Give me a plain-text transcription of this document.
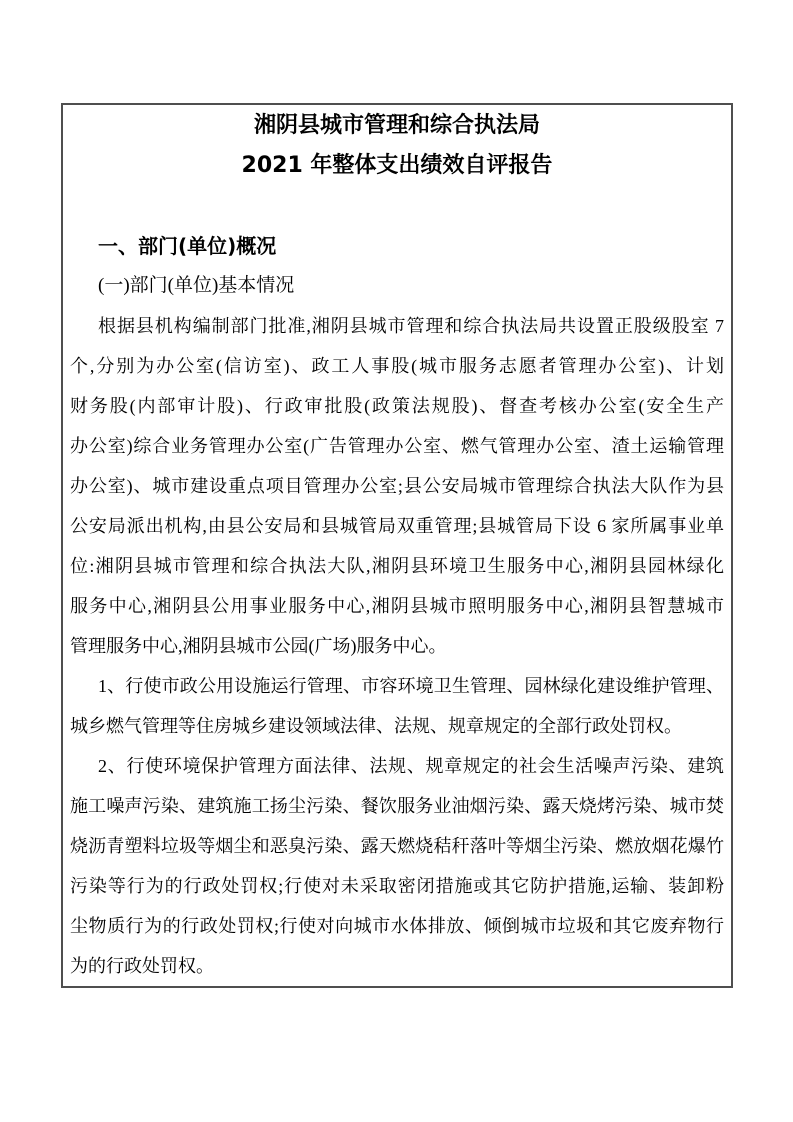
湘阴县城市管理和综合执法局
2021 年整体支出绩效自评报告
一、部门(单位)概况
(一)部门(单位)基本情况
根据县机构编制部门批准,湘阴县城市管理和综合执法局共设置正股级股室 7
个,分别为办公室(信访室)、政工人事股(城市服务志愿者管理办公室)、计划
财务股(内部审计股)、行政审批股(政策法规股)、督查考核办公室(安全生产
办公室)综合业务管理办公室(广告管理办公室、燃气管理办公室、渣土运输管理
办公室)、城市建设重点项目管理办公室;县公安局城市管理综合执法大队作为县
公安局派出机构,由县公安局和县城管局双重管理;县城管局下设 6 家所属事业单
位:湘阴县城市管理和综合执法大队,湘阴县环境卫生服务中心,湘阴县园林绿化
服务中心,湘阴县公用事业服务中心,湘阴县城市照明服务中心,湘阴县智慧城市
管理服务中心,湘阴县城市公园(广场)服务中心。
1、行使市政公用设施运行管理、市容环境卫生管理、园林绿化建设维护管理、
城乡燃气管理等住房城乡建设领域法律、法规、规章规定的全部行政处罚权。
2、行使环境保护管理方面法律、法规、规章规定的社会生活噪声污染、建筑
施工噪声污染、建筑施工扬尘污染、餐饮服务业油烟污染、露天烧烤污染、城市焚
烧沥青塑料垃圾等烟尘和恶臭污染、露天燃烧秸秆落叶等烟尘污染、燃放烟花爆竹
污染等行为的行政处罚权;行使对未采取密闭措施或其它防护措施,运输、装卸粉
尘物质行为的行政处罚权;行使对向城市水体排放、倾倒城市垃圾和其它废弃物行
为的行政处罚权。
